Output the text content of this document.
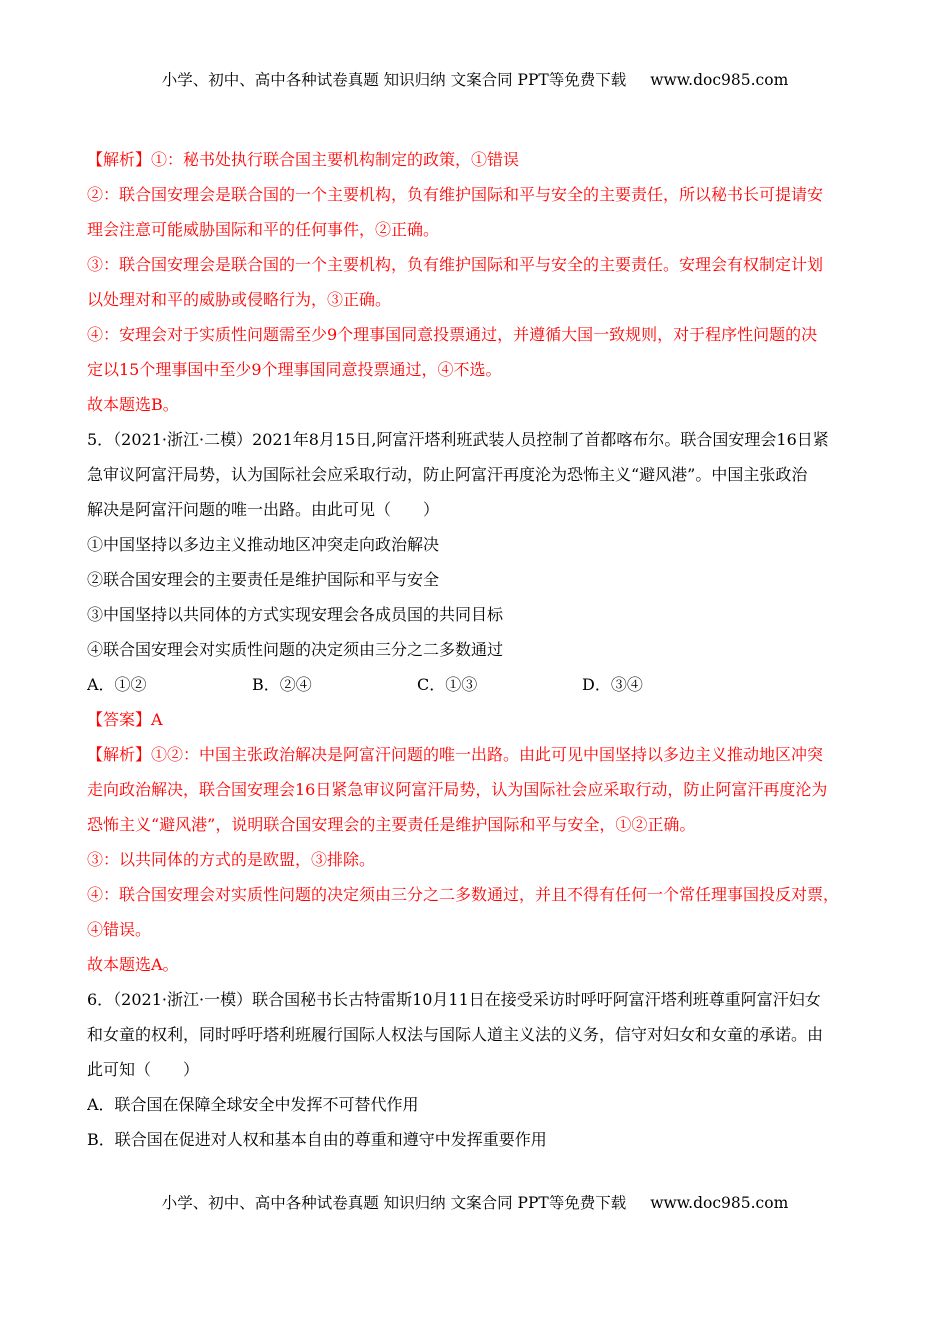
小学、初中、高中各种试卷真题 知识归纳 文案合同 PPT等免费下载 www.doc985.com
【解析】①：秘书处执行联合国主要机构制定的政策，①错误
②：联合国安理会是联合国的一个主要机构，负有维护国际和平与安全的主要责任，所以秘书长可提请安
理会注意可能威胁国际和平的任何事件，②正确。
③：联合国安理会是联合国的一个主要机构，负有维护国际和平与安全的主要责任。安理会有权制定计划
以处理对和平的威胁或侵略行为，③正确。
④：安理会对于实质性问题需至少9个理事国同意投票通过，并遵循大国一致规则，对于程序性问题的决
定以15个理事国中至少9个理事国同意投票通过，④不选。
故本题选B。
5．（2021·浙江·二模）2021年8月15日,阿富汗塔利班武装人员控制了首都喀布尔。联合国安理会16日紧
急审议阿富汗局势，认为国际社会应采取行动，防止阿富汗再度沦为恐怖主义“避风港”。中国主张政治
解决是阿富汗问题的唯一出路。由此可见（　　）
①中国坚持以多边主义推动地区冲突走向政治解决
②联合国安理会的主要责任是维护国际和平与安全
③中国坚持以共同体的方式实现安理会各成员国的共同目标
④联合国安理会对实质性问题的决定须由三分之二多数通过
A．①②	B．②④	C．①③	D．③④
【答案】A
【解析】①②：中国主张政治解决是阿富汗问题的唯一出路。由此可见中国坚持以多边主义推动地区冲突
走向政治解决，联合国安理会16日紧急审议阿富汗局势，认为国际社会应采取行动，防止阿富汗再度沦为
恐怖主义“避风港”，说明联合国安理会的主要责任是维护国际和平与安全，①②正确。
③：以共同体的方式的是欧盟，③排除。
④：联合国安理会对实质性问题的决定须由三分之二多数通过，并且不得有任何一个常任理事国投反对票，
④错误。
故本题选A。
6．（2021·浙江·一模）联合国秘书长古特雷斯10月11日在接受采访时呼吁阿富汗塔利班尊重阿富汗妇女
和女童的权利，同时呼吁塔利班履行国际人权法与国际人道主义法的义务，信守对妇女和女童的承诺。由
此可知（　　）
A．联合国在保障全球安全中发挥不可替代作用
B．联合国在促进对人权和基本自由的尊重和遵守中发挥重要作用
小学、初中、高中各种试卷真题 知识归纳 文案合同 PPT等免费下载 www.doc985.com
